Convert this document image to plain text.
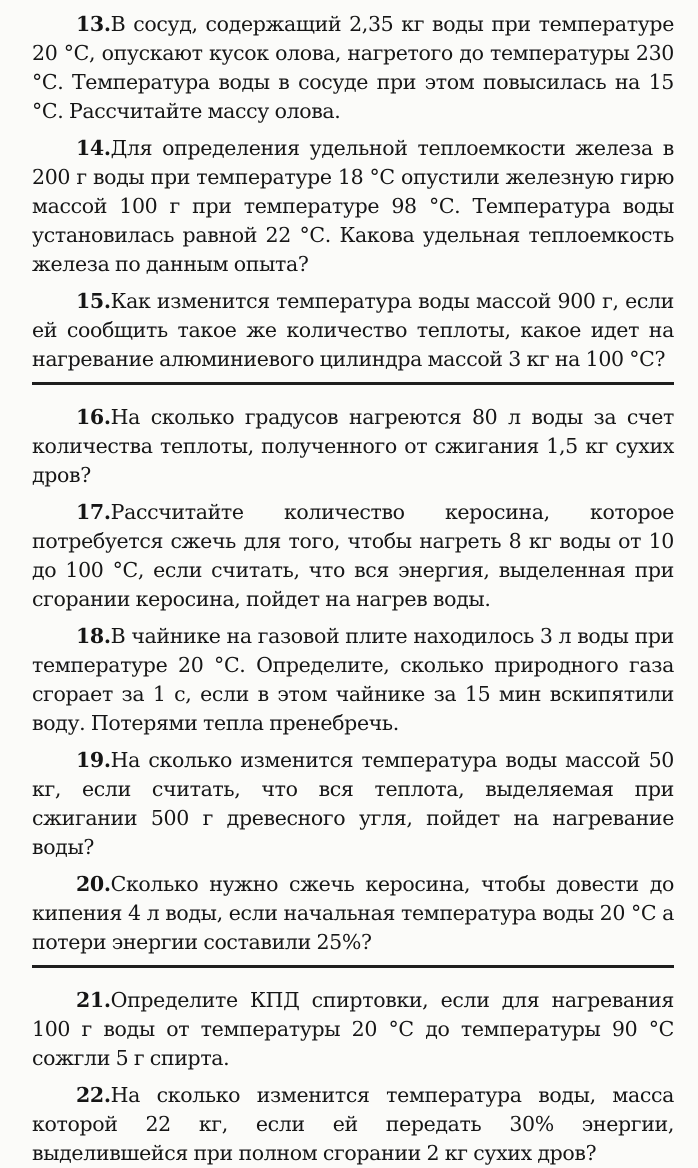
13.В сосуд, содержащий 2,35 кг воды при температуре 20 °С, опускают кусок олова, нагретого до температуры 230 °С. Температура воды в сосуде при этом повысилась на 15 °С. Рассчитайте массу олова.

14.Для определения удельной теплоемкости железа в 200 г воды при температуре 18 °С опустили железную гирю массой 100 г при температуре 98 °С. Температура воды установилась равной 22 °С. Какова удельная теплоемкость железа по данным опыта?

15.Как изменится температура воды массой 900 г, если ей сообщить такое же количество теплоты, какое идет на нагревание алюминиевого цилиндра массой 3 кг на 100 °С?

16.На сколько градусов нагреются 80 л воды за счет количества теплоты, полученного от сжигания 1,5 кг сухих дров?

17.Рассчитайте количество керосина, которое потребуется сжечь для того, чтобы нагреть 8 кг воды от 10 до 100 °С, если считать, что вся энергия, выделенная при сгорании керосина, пойдет на нагрев воды.

18.В чайнике на газовой плите находилось 3 л воды при температуре 20 °С. Определите, сколько природного газа сгорает за 1 с, если в этом чайнике за 15 мин вскипятили воду. Потерями тепла пренебречь.

19.На сколько изменится температура воды массой 50 кг, если считать, что вся теплота, выделяемая при сжигании 500 г древесного угля, пойдет на нагревание воды?

20.Сколько нужно сжечь керосина, чтобы довести до кипения 4 л воды, если начальная температура воды 20 °С а потери энергии составили 25%?

21.Определите КПД спиртовки, если для нагревания 100 г воды от температуры 20 °С до температуры 90 °С сожгли 5 г спирта.

22.На сколько изменится температура воды, масса которой 22 кг, если ей передать 30% энергии, выделившейся при полном сгорании 2 кг сухих дров?
